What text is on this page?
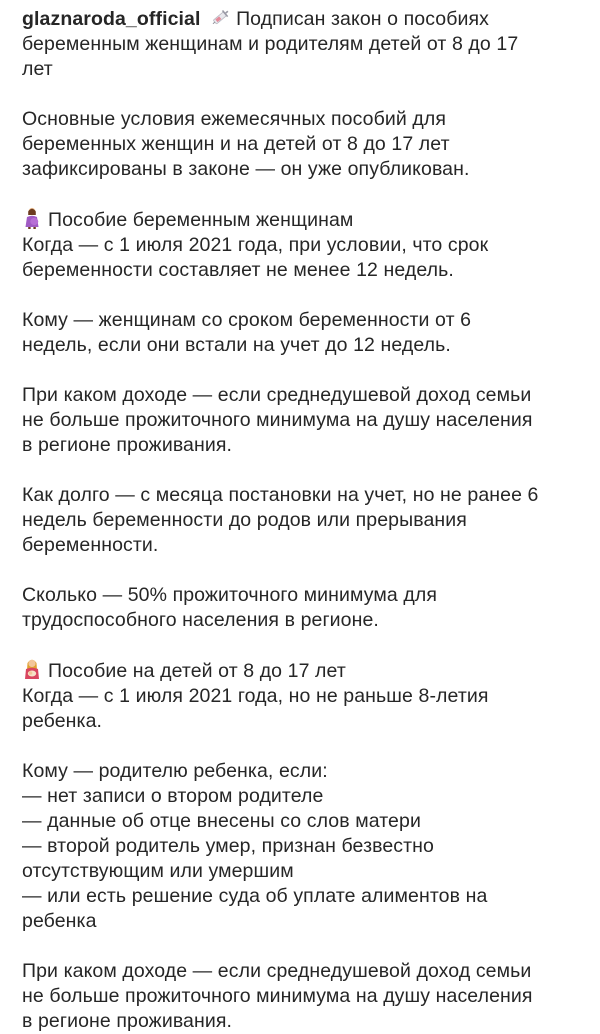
glaznaroda_official Подписан закон о пособиях
беременным женщинам и родителям детей от 8 до 17
лет
Основные условия ежемесячных пособий для
беременных женщин и на детей от 8 до 17 лет
зафиксированы в законе — он уже опубликован.
Пособие беременным женщинам
Когда — с 1 июля 2021 года, при условии, что срок
беременности составляет не менее 12 недель.
Кому — женщинам со сроком беременности от 6
недель, если они встали на учет до 12 недель.
При каком доходе — если среднедушевой доход семьи
не больше прожиточного минимума на душу населения
в регионе проживания.
Как долго — с месяца постановки на учет, но не ранее 6
недель беременности до родов или прерывания
беременности.
Сколько — 50% прожиточного минимума для
трудоспособного населения в регионе.
Пособие на детей от 8 до 17 лет
Когда — с 1 июля 2021 года, но не раньше 8-летия
ребенка.
Кому — родителю ребенка, если:
— нет записи о втором родителе
— данные об отце внесены со слов матери
— второй родитель умер, признан безвестно
отсутствующим или умершим
— или есть решение суда об уплате алиментов на
ребенка
При каком доходе — если среднедушевой доход семьи
не больше прожиточного минимума на душу населения
в регионе проживания.
